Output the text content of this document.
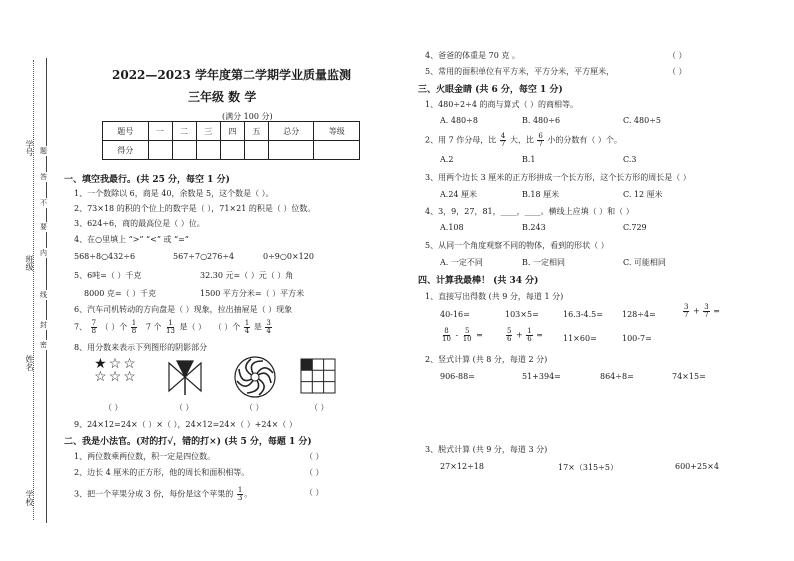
学号
班级
姓名
学校
题
答
不
要
内
线
封
密
2022—2023 学年度第二学期学业质量监测
三年级 数 学
(满分 100 分)
题号	一	二	三	四	五	总分	等级
得分							
一、填空我最行。(共 25 分，每空 1 分)
1、一个数除以 6，商是 40，余数是 5，这个数是（ ）。
2、73×18 的积的个位上的数字是（ ），71×21 的积是（ ）位数。
3、624÷6，商的最高位是（ ）位。
4、在○里填上 “>” “<” 或 “=”
568÷8○432÷6	567÷7○276÷4	0÷9○0×120
5、6吨=（ ）千克	32.30 元=（ ）元（ ）角
8000 克=（ ）千克	1500 平方分米=（ ）平方米
6、汽车司机转动的方向盘是（ ）现象，拉出抽屉是（ ）现象
7、 $\frac{7}{8}$ （ ）个 $\frac{1}{8} 7$ 个 $\frac{1}{13}$ 是（ ） （ ）个 $\frac{1}{4}$ 是 $\frac{3}{4}$
8、用分数来表示下列图形的阴影部分
★☆☆
☆☆☆
（ ）	（ ）	（ ）	（ ）
9、24×12=24×（ ）×（ ），24×12=24×（ ）+24×（ ）
二、我是小法官。(对的打√，错的打×) (共 5 分，每题 1 分)
1、两位数乘两位数，积一定是四位数。	（ ）
2、边长 4 厘米的正方形，他的周长和面积相等。	（ ）
3、把一个苹果分成 3 份，每份是这个苹果的 $\frac{1}{3}$ 。	（ ）
4、爸爸的体重是 70 克 。	（ ）
5、常用的面积单位有平方米，平方分米，平方厘米，	（ ）
三、火眼金睛 (共 6 分，每空 1 分)
1、480÷2÷4 的商与算式（ ）的商相等。
A. 480÷8	B. 480÷6	C. 480÷5
2、用 7 作分母，比 $\frac{4}{7}$ 大，比 $\frac{6}{7}$ 小的分数有（ ）个。
A.2	B.1	C.3
3、用两个边长 3 厘米的正方形拼成一个长方形，这个长方形的周长是（ ）
A.24 厘米	B.18 厘米	C. 12 厘米
4、3，9，27，81，____，____。横线上应填（ ）和（ ）
A.108	B.243	C.729
5、从同一个角度观察不同的物体，看到的形状（ ）
A. 一定不同	B. 一定相同	C. 可能相同
四、计算我最棒！ (共 34 分)
1、直接写出得数 (共 9 分，每道 1 分)
40-16=	103×5=	16.3-4.5= 128÷4=	$\frac{3}{7} + \frac{3}{7}$ =
$\frac{8}{10} - \frac{5}{10}$ =	$\frac{5}{6} + \frac{1}{6}$ =	11×60=	100-7=
2、竖式计算 (共 8 分，每道 2 分)
906-88=	51+394=	864÷8=	74×15=
3、脱式计算 (共 9 分，每道 3 分)
27×12÷18	17×（315÷5）	600+25×4
